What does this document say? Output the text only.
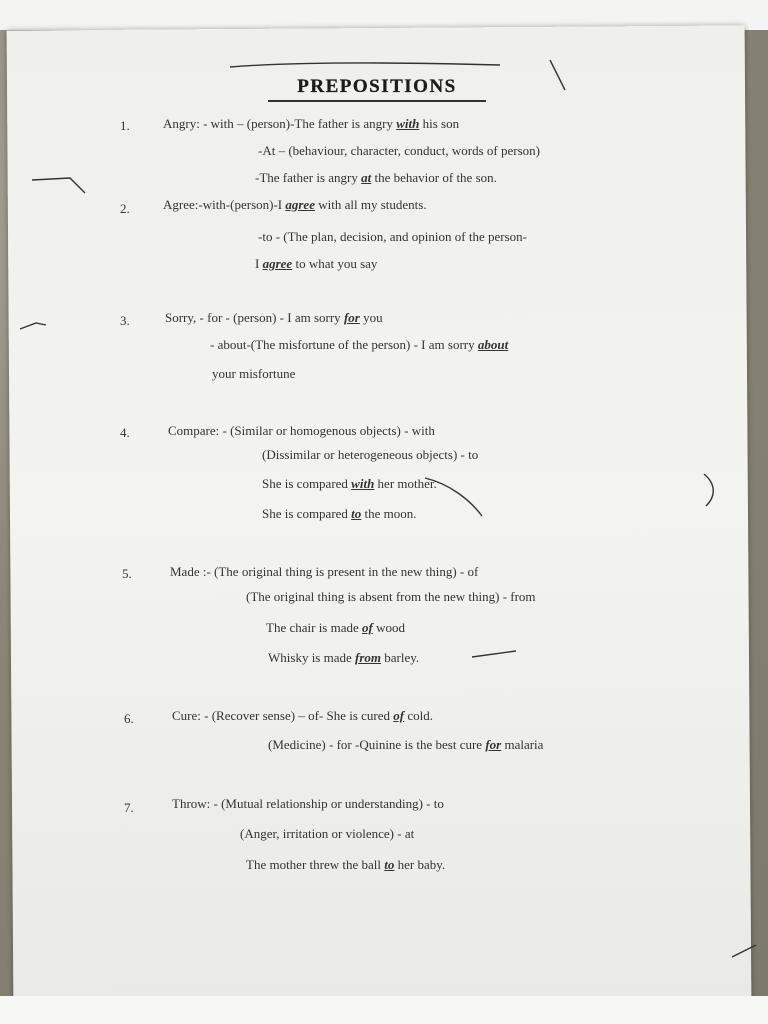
PREPOSITIONS
1.	Angry: - with – (person)-The father is angry with his son
-At – (behaviour, character, conduct, words of person)
-The father is angry at the behavior of the son.
2.	Agree:-with-(person)-I agree with all my students.
-to - (The plan, decision, and opinion of the person-
I agree to what you say
3.	Sorry, - for - (person) - I am sorry for you
- about-(The misfortune of the person) - I am sorry about
your misfortune
4.	Compare: - (Similar or homogenous objects) - with
(Dissimilar or heterogeneous objects) - to
She is compared with her mother.
She is compared to the moon.
5.	Made :- (The original thing is present in the new thing) - of
(The original thing is absent from the new thing) - from
The chair is made of wood
Whisky is made from barley.
6.	Cure: - (Recover sense) – of- She is cured of cold.
(Medicine) - for -Quinine is the best cure for malaria
7.	Throw: - (Mutual relationship or understanding) - to
(Anger, irritation or violence) - at
The mother threw the ball to her baby.
